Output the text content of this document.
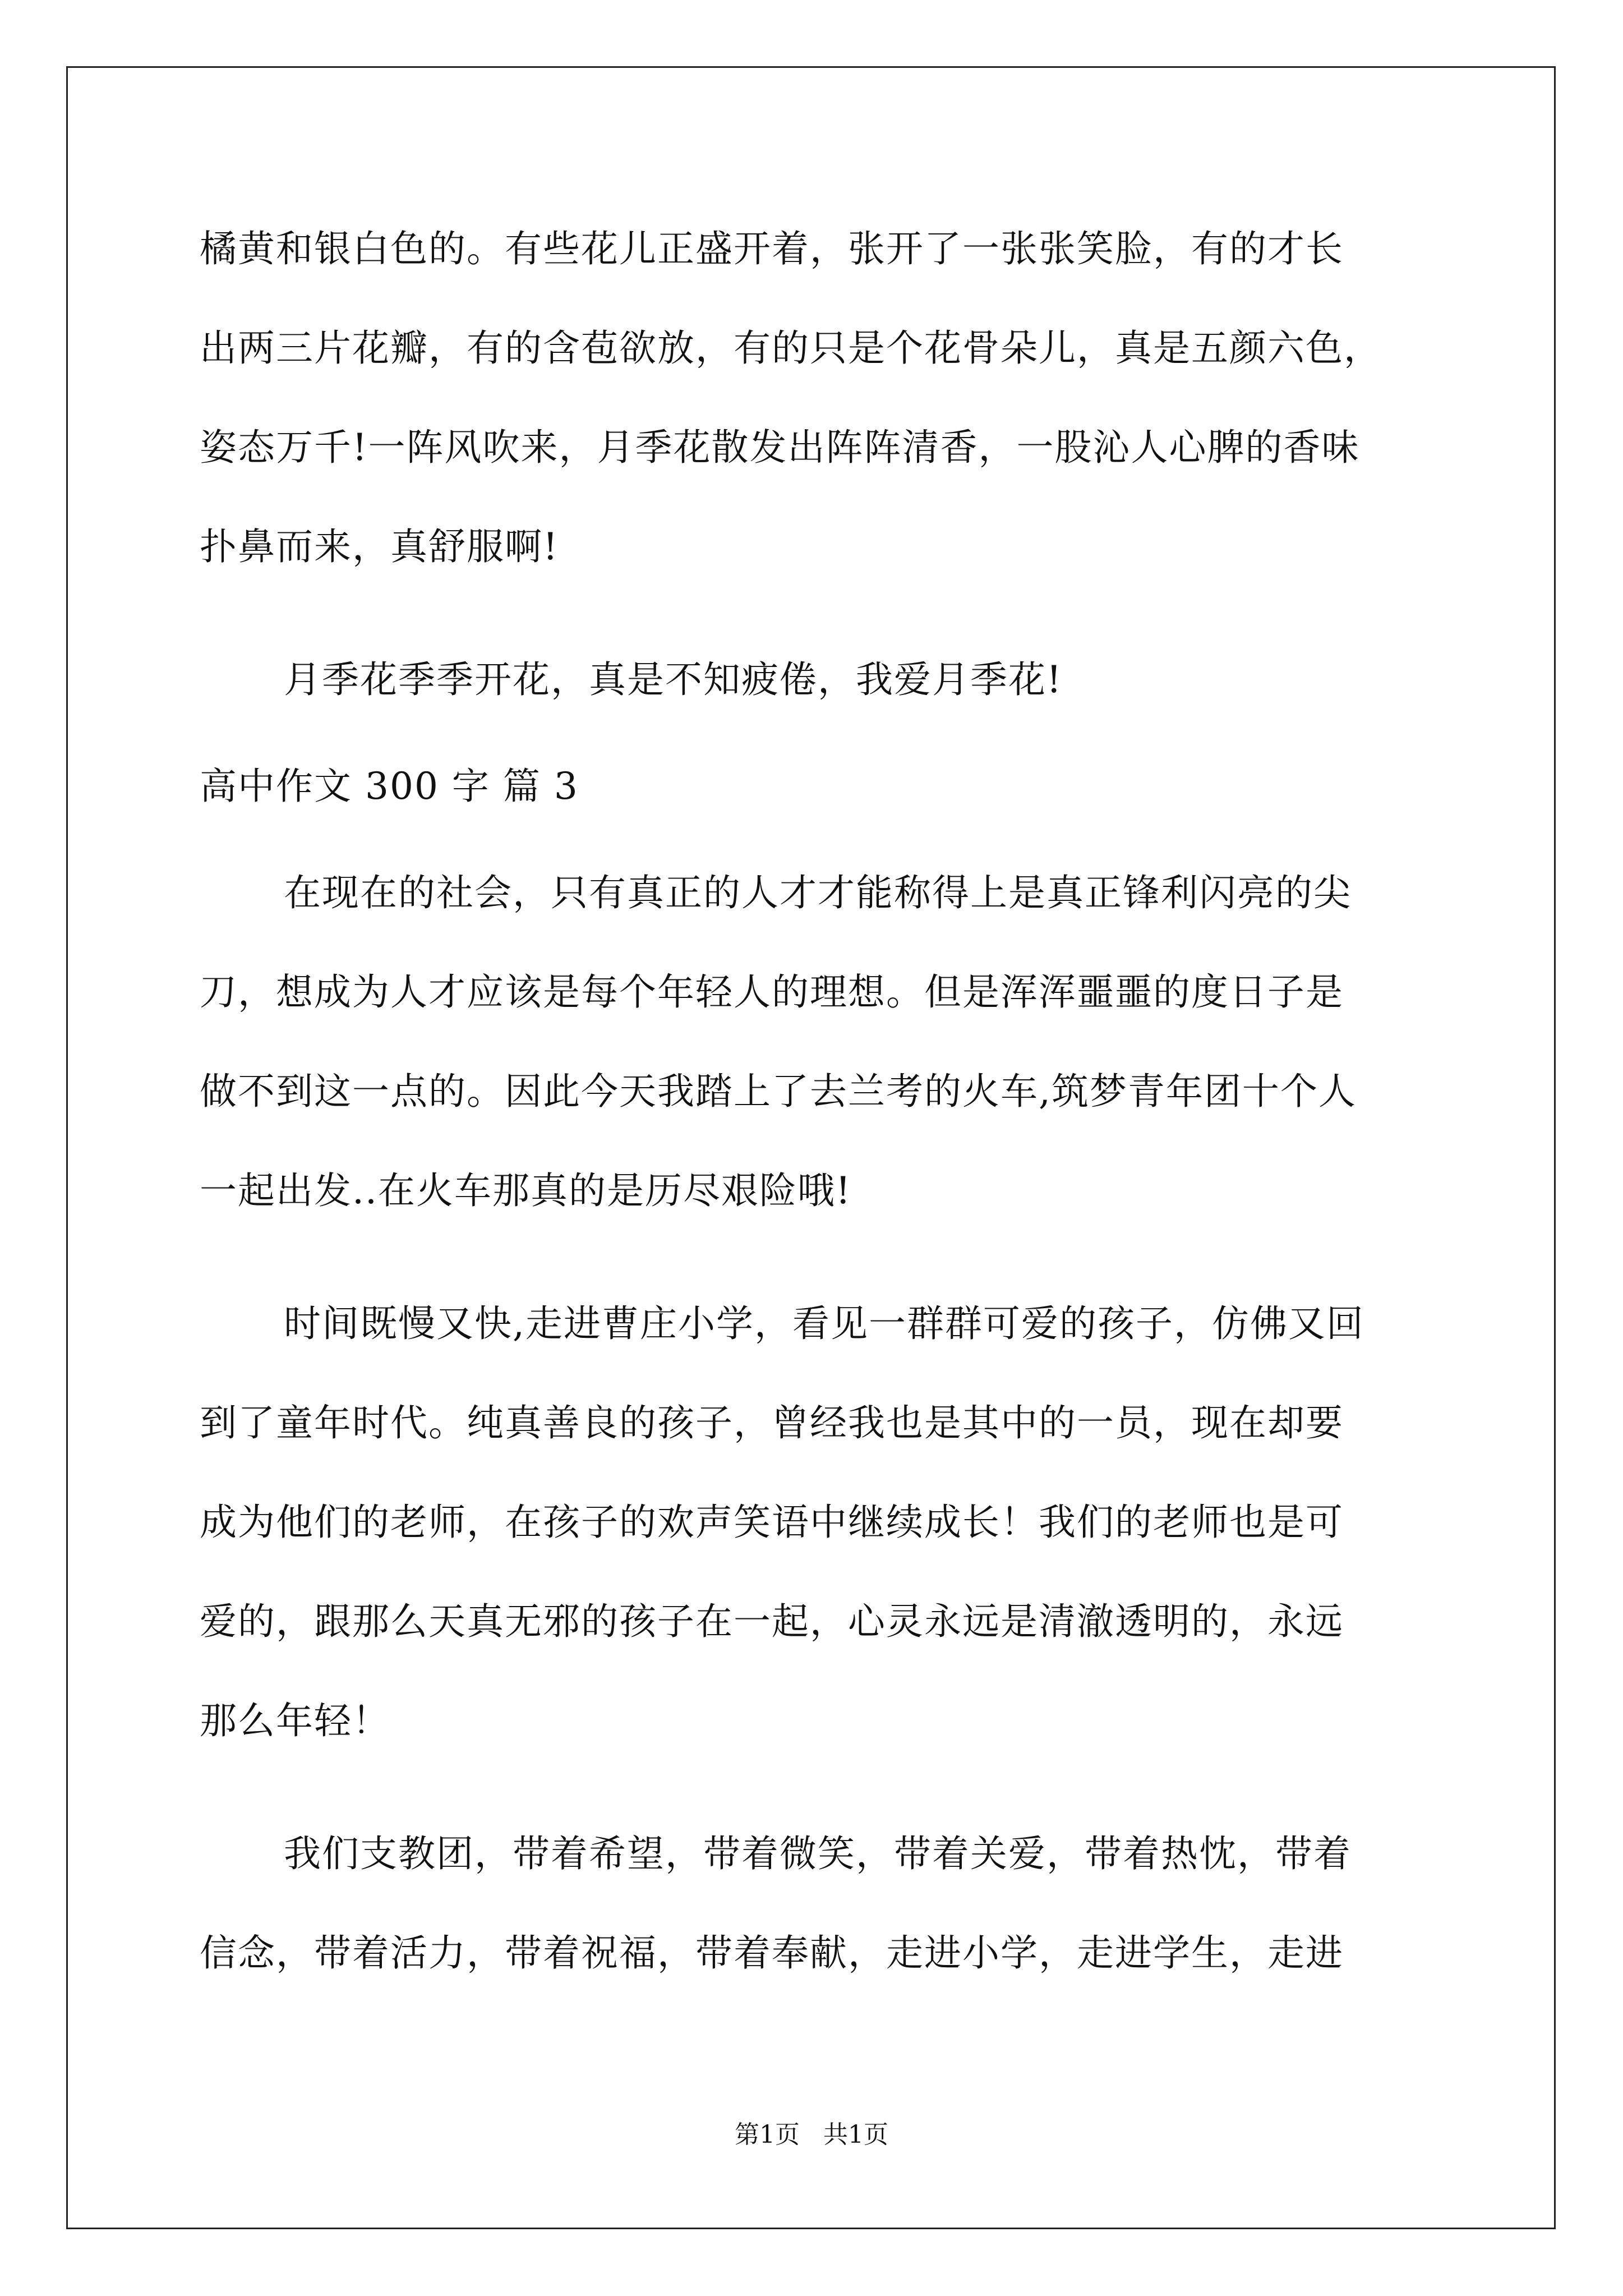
橘黄和银白色的。有些花儿正盛开着，张开了一张张笑脸，有的才长
出两三片花瓣，有的含苞欲放，有的只是个花骨朵儿，真是五颜六色，
姿态万千!一阵风吹来，月季花散发出阵阵清香，一股沁人心脾的香味
扑鼻而来，真舒服啊!
月季花季季开花，真是不知疲倦，我爱月季花!
高中作文 300 字 篇 3
在现在的社会，只有真正的人才才能称得上是真正锋利闪亮的尖
刀，想成为人才应该是每个年轻人的理想。但是浑浑噩噩的度日子是
做不到这一点的。因此今天我踏上了去兰考的火车,筑梦青年团十个人
一起出发..在火车那真的是历尽艰险哦!
时间既慢又快,走进曹庄小学，看见一群群可爱的孩子，仿佛又回
到了童年时代。纯真善良的孩子，曾经我也是其中的一员，现在却要
成为他们的老师，在孩子的欢声笑语中继续成长！我们的老师也是可
爱的，跟那么天真无邪的孩子在一起，心灵永远是清澈透明的，永远
那么年轻！
我们支教团，带着希望，带着微笑，带着关爱，带着热忱，带着
信念，带着活力，带着祝福，带着奉献，走进小学，走进学生，走进
第1页 共1页
